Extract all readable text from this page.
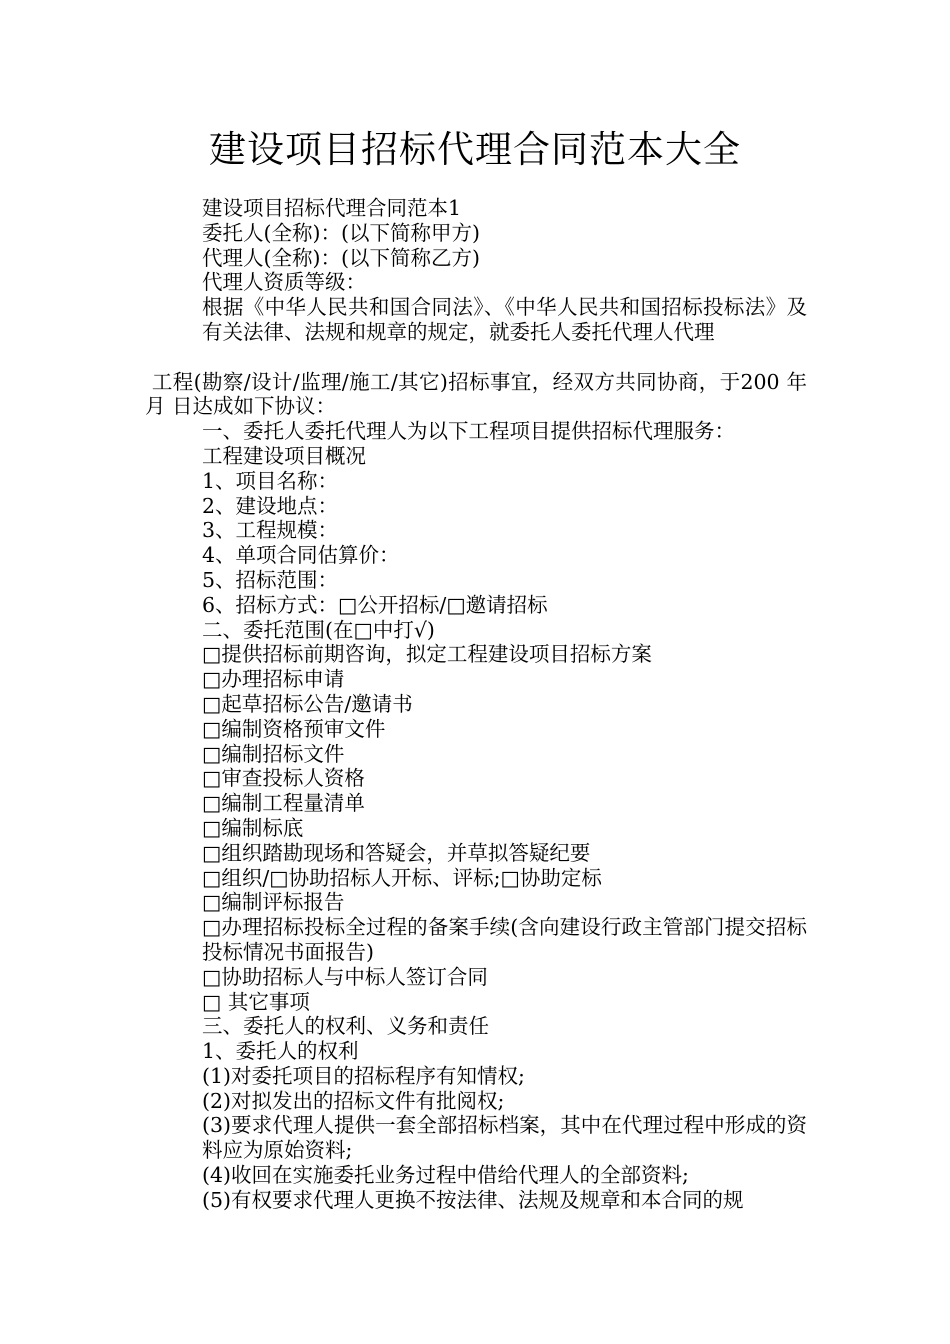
建设项目招标代理合同范本大全

建设项目招标代理合同范本1

委托人(全称)：(以下简称甲方)

代理人(全称)：(以下简称乙方)

代理人资质等级：

根据《中华人民共和国合同法》、《中华人民共和国招标投标法》及有关法律、法规和规章的规定，就委托人委托代理人代理

工程(勘察/设计/监理/施工/其它)招标事宜，经双方共同协商，于200 年 月 日达成如下协议：

一、委托人委托代理人为以下工程项目提供招标代理服务：

工程建设项目概况

1、项目名称：

2、建设地点：

3、工程规模：

4、单项合同估算价：

5、招标范围：

6、招标方式：□公开招标/□邀请招标

二、委托范围(在□中打√)

□提供招标前期咨询，拟定工程建设项目招标方案

□办理招标申请

□起草招标公告/邀请书

□编制资格预审文件

□编制招标文件

□审查投标人资格

□编制工程量清单

□编制标底

□组织踏勘现场和答疑会，并草拟答疑纪要

□组织/□协助招标人开标、评标;□协助定标

□编制评标报告

□办理招标投标全过程的备案手续(含向建设行政主管部门提交招标投标情况书面报告)

□协助招标人与中标人签订合同

□ 其它事项

三、委托人的权利、义务和责任

1、委托人的权利

(1)对委托项目的招标程序有知情权;

(2)对拟发出的招标文件有批阅权;

(3)要求代理人提供一套全部招标档案，其中在代理过程中形成的资料应为原始资料;

(4)收回在实施委托业务过程中借给代理人的全部资料;

(5)有权要求代理人更换不按法律、法规及规章和本合同的规
